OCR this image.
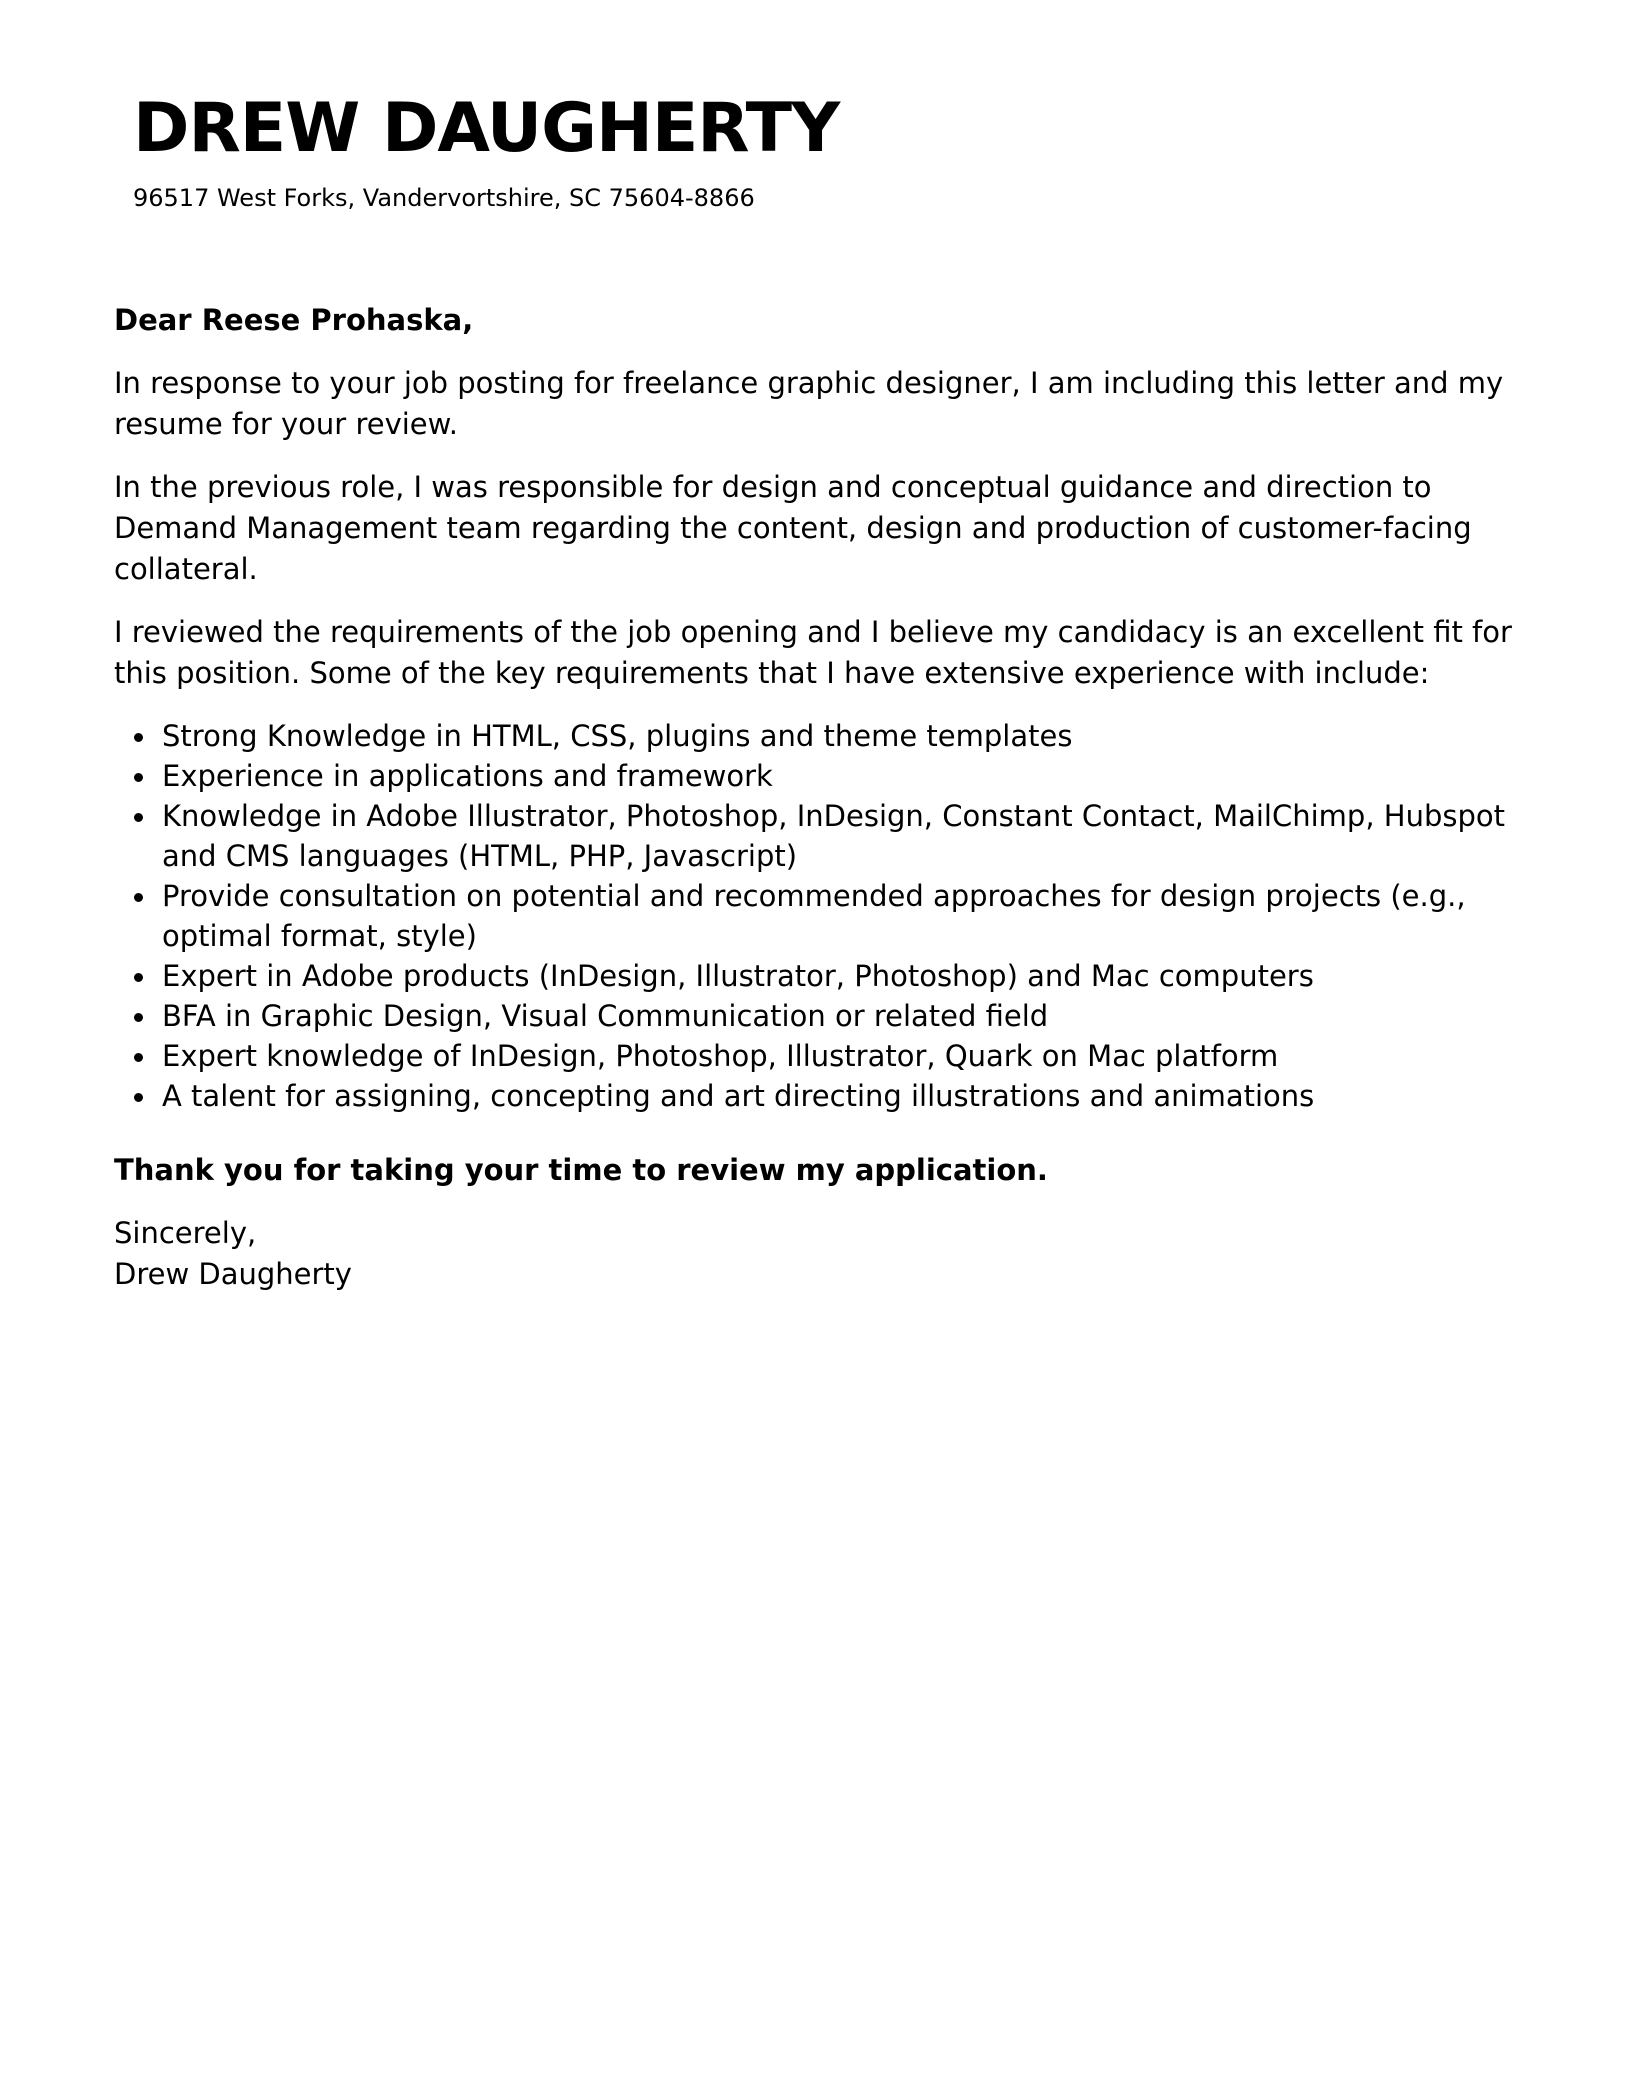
DREW DAUGHERTY
96517 West Forks, Vandervortshire, SC 75604-8866

Dear Reese Prohaska,

In response to your job posting for freelance graphic designer, I am including this letter and my resume for your review.

In the previous role, I was responsible for design and conceptual guidance and direction to Demand Management team regarding the content, design and production of customer-facing collateral.

I reviewed the requirements of the job opening and I believe my candidacy is an excellent fit for this position. Some of the key requirements that I have extensive experience with include:

Strong Knowledge in HTML, CSS, plugins and theme templates
Experience in applications and framework
Knowledge in Adobe Illustrator, Photoshop, InDesign, Constant Contact, MailChimp, Hubspot and CMS languages (HTML, PHP, Javascript)
Provide consultation on potential and recommended approaches for design projects (e.g., optimal format, style)
Expert in Adobe products (InDesign, Illustrator, Photoshop) and Mac computers
BFA in Graphic Design, Visual Communication or related field
Expert knowledge of InDesign, Photoshop, Illustrator, Quark on Mac platform
A talent for assigning, concepting and art directing illustrations and animations

Thank you for taking your time to review my application.

Sincerely,
Drew Daugherty
